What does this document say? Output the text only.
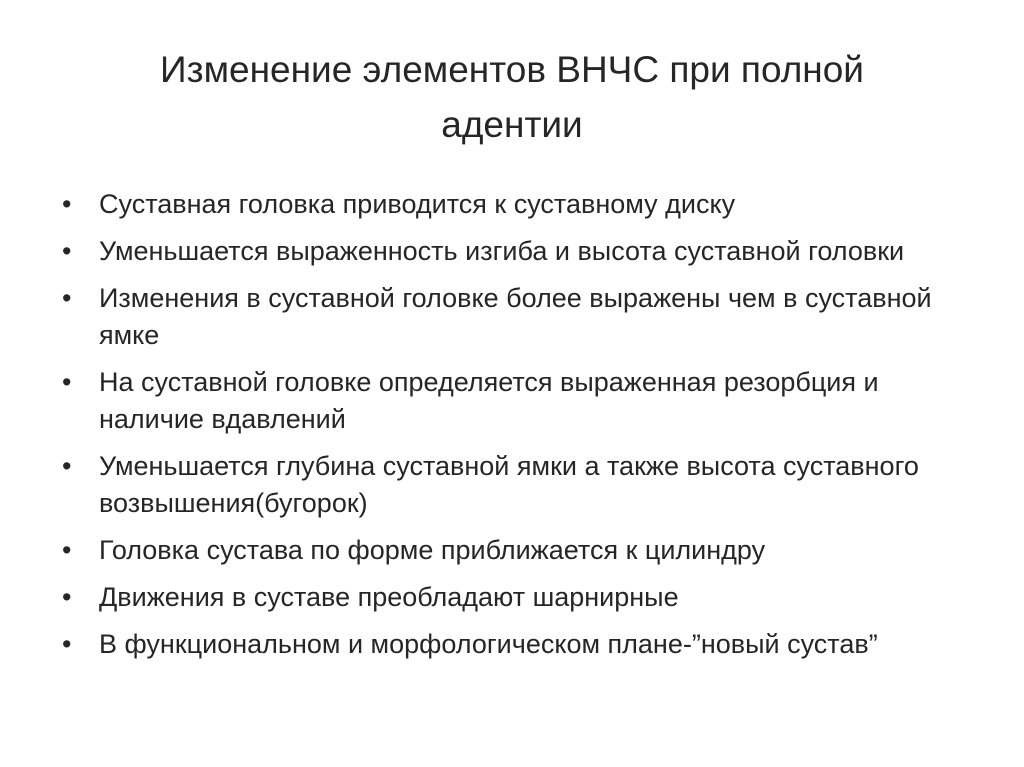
Изменение элементов ВНЧС при полной
адентии
• Суставная головка приводится к суставному диску
• Уменьшается выраженность изгиба и высота суставной головки
• Изменения в суставной головке более выражены чем в суставной ямке
• На суставной головке определяется выраженная резорбция и наличие вдавлений
• Уменьшается глубина суставной ямки а также высота суставного возвышения(бугорок)
• Головка сустава по форме приближается к цилиндру
• Движения в суставе преобладают шарнирные
• В функциональном и морфологическом плане-”новый сустав”
